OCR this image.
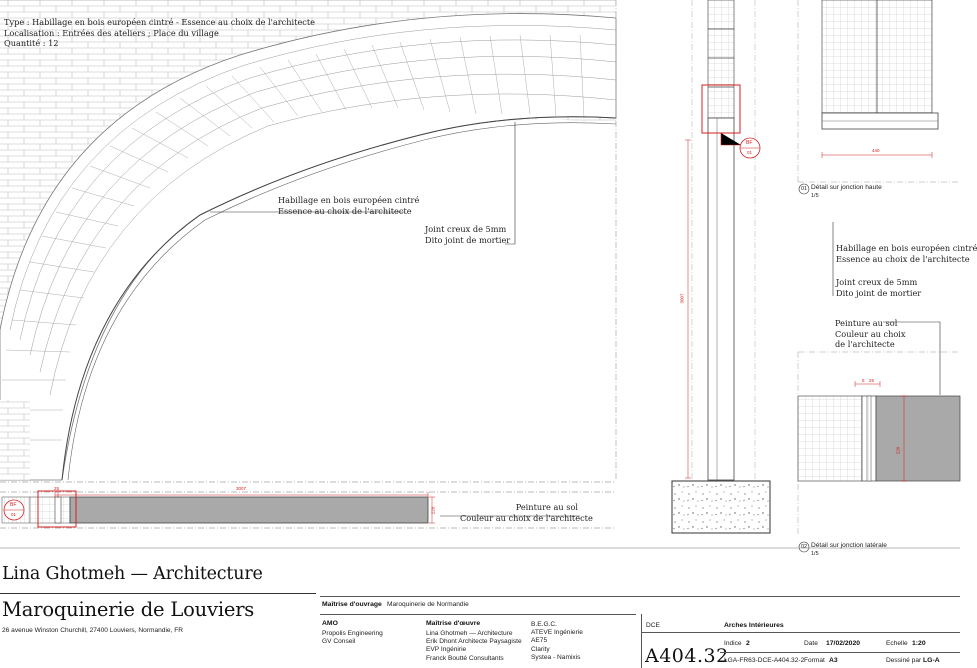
Type : Habillage en bois européen cintré - Essence au choix de l'architecte
Localisation : Entrées des ateliers ; Place du village
Quantité : 12
Habillage en bois européen cintré
Essence au choix de l'architecte
Joint creux de 5mm
Dito joint de mortier
Peinture au sol
Couleur au choix de l'architecte
Habillage en bois européen cintré
Essence au choix de l'architecte
Joint creux de 5mm
Dito joint de mortier
Peinture au sol
Couleur au choix
de l'architecte
01 Détail sur jonction haute
1/5
02 Détail sur jonction latérale
1/5
BF
01
BF
01
3007
25
220
3007
440
5 25
220
Lina Ghotmeh — Architecture
Maroquinerie de Louviers
26 avenue Winston Churchill, 27400 Louviers, Normandie, FR
Maîtrise d'ouvrage Maroquinerie de Normandie
AMO
Propolis Engineering
GV Conseil
Maîtrise d'œuvre
Lina Ghotmeh — Architecture
Erik Dhont Architecte Paysagiste
EVP Ingénirie
Franck Boutté Consultants
B.E.G.C.
ATEVE Ingénierie
AE75
Clarity
Systea - Namixis
DCE	Arches Intérieures
A404.32
Indice 2	Date 17/02/2020	Echelle 1:20
LGA-FR63-DCE-A404.32-2 Format A3	Dessiné par LG-A
